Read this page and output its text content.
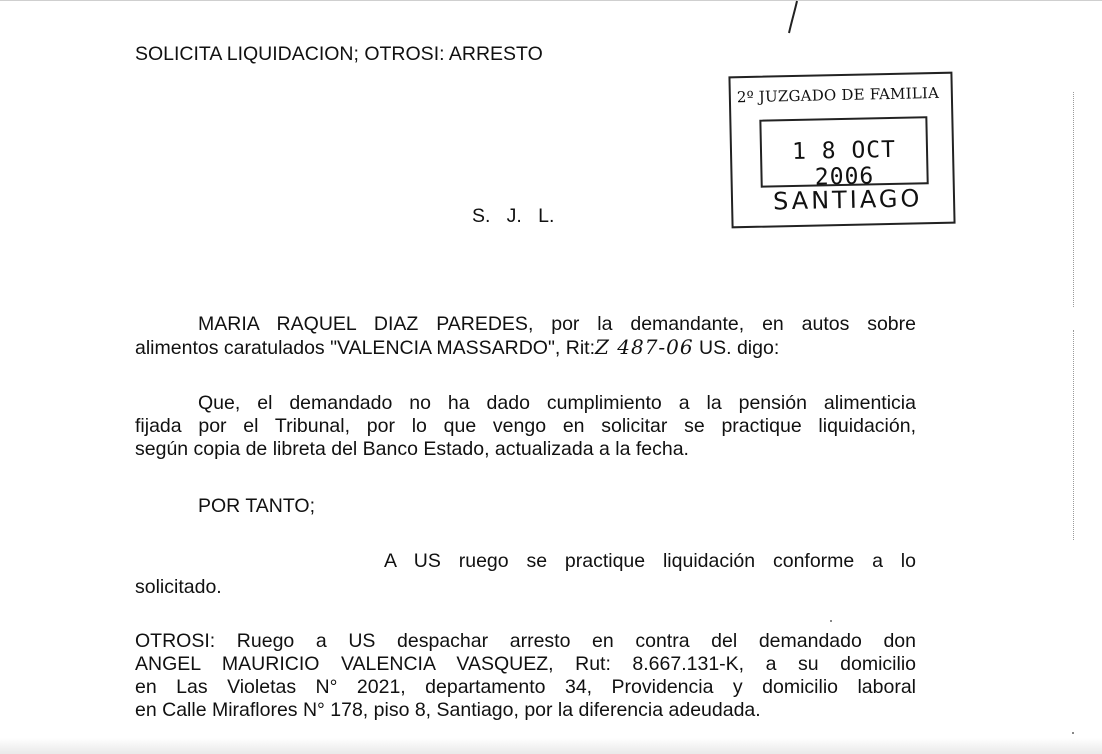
SOLICITA LIQUIDACION; OTROSI: ARRESTO
2º JUZGADO DE FAMILIA
1 8 OCT 2006
SANTIAGO
S.   J.   L.
MARIA RAQUEL DIAZ PAREDES, por la demandante, en autos sobre
alimentos caratulados "VALENCIA MASSARDO", Rit:Z 487-06 US. digo:
Que, el demandado no ha dado cumplimiento a la pensión alimenticia
fijada por el Tribunal, por lo que vengo en solicitar se practique liquidación,
según copia de libreta del Banco Estado, actualizada a la fecha.
POR TANTO;
A US ruego se practique liquidación conforme a lo
solicitado.
OTROSI: Ruego a US despachar arresto en contra del demandado don
ANGEL MAURICIO VALENCIA VASQUEZ, Rut: 8.667.131-K, a su domicilio
en Las Violetas N° 2021, departamento 34, Providencia y domicilio laboral
en Calle Miraflores N° 178, piso 8, Santiago, por la diferencia adeudada.
